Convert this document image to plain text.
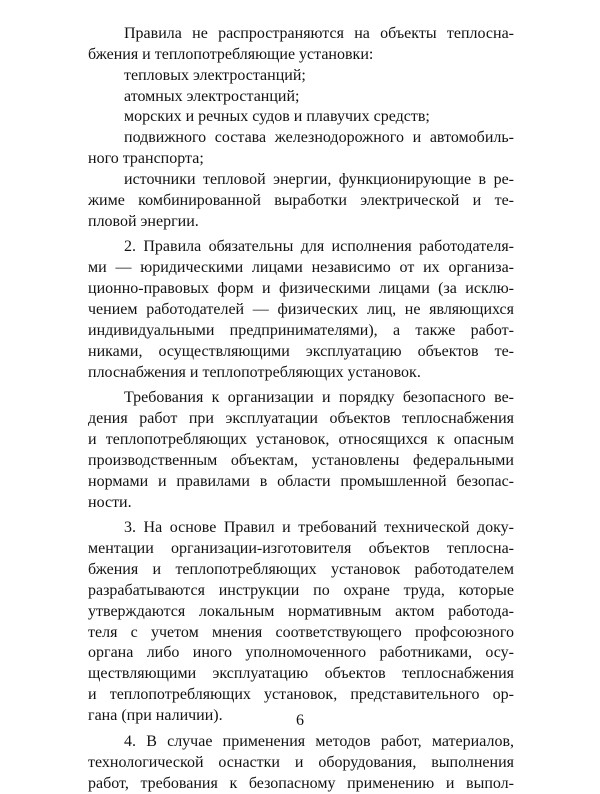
Правила не распространяются на объекты теплосна-
бжения и теплопотребляющие установки:
тепловых электростанций;
атомных электростанций;
морских и речных судов и плавучих средств;
подвижного состава железнодорожного и автомобиль-
ного транспорта;
источники тепловой энергии, функционирующие в ре-
жиме комбинированной выработки электрической и те-
пловой энергии.
2. Правила обязательны для исполнения работодателя-
ми — юридическими лицами независимо от их организа-
ционно-правовых форм и физическими лицами (за исклю-
чением работодателей — физических лиц, не являющихся
индивидуальными предпринимателями), а также работ-
никами, осуществляющими эксплуатацию объектов те-
плоснабжения и теплопотребляющих установок.
Требования к организации и порядку безопасного ве-
дения работ при эксплуатации объектов теплоснабжения
и теплопотребляющих установок, относящихся к опасным
производственным объектам, установлены федеральными
нормами и правилами в области промышленной безопас-
ности.
3. На основе Правил и требований технической доку-
ментации организации-изготовителя объектов теплосна-
бжения и теплопотребляющих установок работодателем
разрабатываются инструкции по охране труда, которые
утверждаются локальным нормативным актом работода-
теля с учетом мнения соответствующего профсоюзного
органа либо иного уполномоченного работниками, осу-
ществляющими эксплуатацию объектов теплоснабжения
и теплопотребляющих установок, представительного ор-
гана (при наличии).
4. В случае применения методов работ, материалов,
технологической оснастки и оборудования, выполнения
работ, требования к безопасному применению и выпол-
6
